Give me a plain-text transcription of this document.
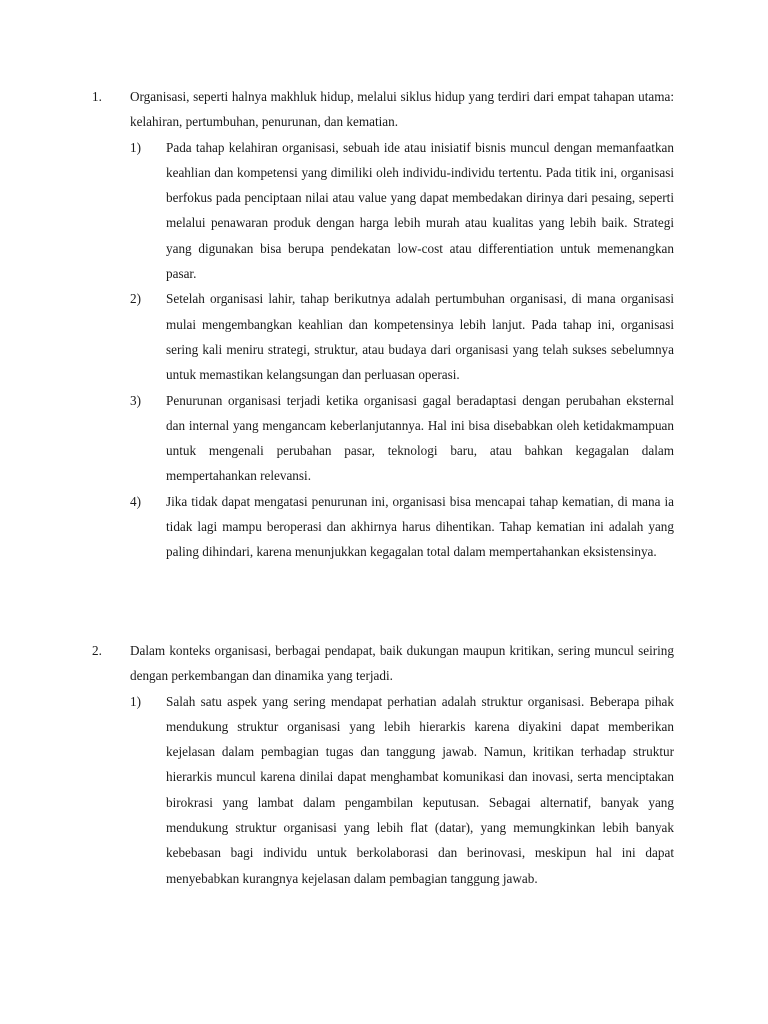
1. Organisasi, seperti halnya makhluk hidup, melalui siklus hidup yang terdiri dari empat tahapan utama: kelahiran, pertumbuhan, penurunan, dan kematian.
1) Pada tahap kelahiran organisasi, sebuah ide atau inisiatif bisnis muncul dengan memanfaatkan keahlian dan kompetensi yang dimiliki oleh individu-individu tertentu. Pada titik ini, organisasi berfokus pada penciptaan nilai atau value yang dapat membedakan dirinya dari pesaing, seperti melalui penawaran produk dengan harga lebih murah atau kualitas yang lebih baik. Strategi yang digunakan bisa berupa pendekatan low-cost atau differentiation untuk memenangkan pasar.
2) Setelah organisasi lahir, tahap berikutnya adalah pertumbuhan organisasi, di mana organisasi mulai mengembangkan keahlian dan kompetensinya lebih lanjut. Pada tahap ini, organisasi sering kali meniru strategi, struktur, atau budaya dari organisasi yang telah sukses sebelumnya untuk memastikan kelangsungan dan perluasan operasi.
3) Penurunan organisasi terjadi ketika organisasi gagal beradaptasi dengan perubahan eksternal dan internal yang mengancam keberlanjutannya. Hal ini bisa disebabkan oleh ketidakmampuan untuk mengenali perubahan pasar, teknologi baru, atau bahkan kegagalan dalam mempertahankan relevansi.
4) Jika tidak dapat mengatasi penurunan ini, organisasi bisa mencapai tahap kematian, di mana ia tidak lagi mampu beroperasi dan akhirnya harus dihentikan. Tahap kematian ini adalah yang paling dihindari, karena menunjukkan kegagalan total dalam mempertahankan eksistensinya.
2. Dalam konteks organisasi, berbagai pendapat, baik dukungan maupun kritikan, sering muncul seiring dengan perkembangan dan dinamika yang terjadi.
1) Salah satu aspek yang sering mendapat perhatian adalah struktur organisasi. Beberapa pihak mendukung struktur organisasi yang lebih hierarkis karena diyakini dapat memberikan kejelasan dalam pembagian tugas dan tanggung jawab. Namun, kritikan terhadap struktur hierarkis muncul karena dinilai dapat menghambat komunikasi dan inovasi, serta menciptakan birokrasi yang lambat dalam pengambilan keputusan. Sebagai alternatif, banyak yang mendukung struktur organisasi yang lebih flat (datar), yang memungkinkan lebih banyak kebebasan bagi individu untuk berkolaborasi dan berinovasi, meskipun hal ini dapat menyebabkan kurangnya kejelasan dalam pembagian tanggung jawab.
